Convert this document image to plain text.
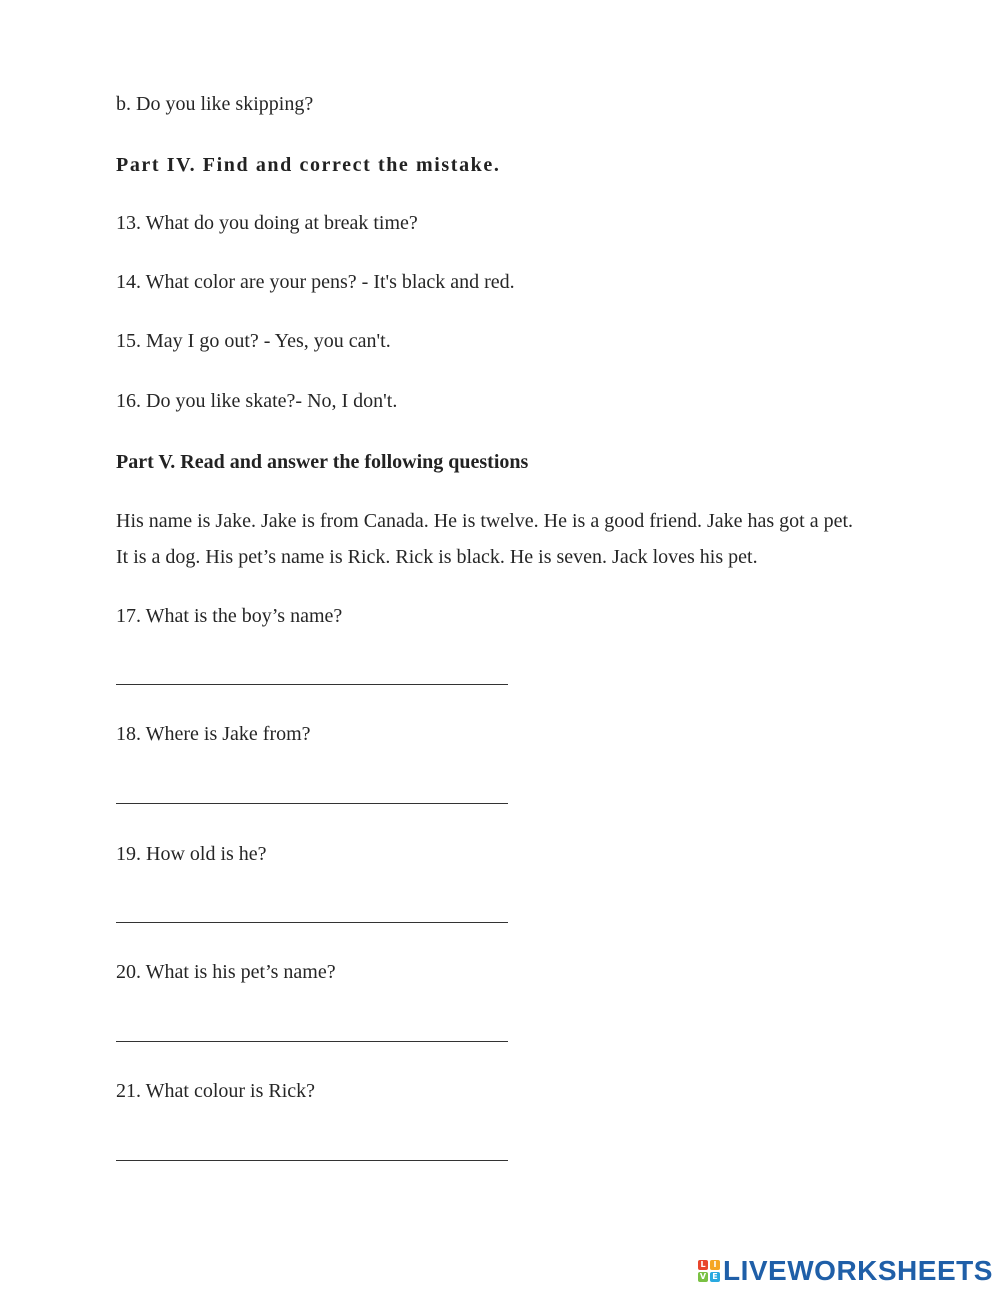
b. Do you like skipping?
Part IV. Find and correct the mistake.
13. What do you doing at break time?
14. What color are your pens? - It's black and red.
15. May I go out? - Yes, you can't.
16. Do you like skate?- No, I don't.
Part V. Read and answer the following questions
His name is Jake. Jake is from Canada. He is twelve. He is a good friend. Jake has got a pet.
It is a dog. His pet’s name is Rick. Rick is black. He is seven. Jack loves his pet.
17. What is the boy’s name?
18. Where is Jake from?
19. How old is he?
20. What is his pet’s name?
21. What colour is Rick?
L I
V E LIVEWORKSHEETS
